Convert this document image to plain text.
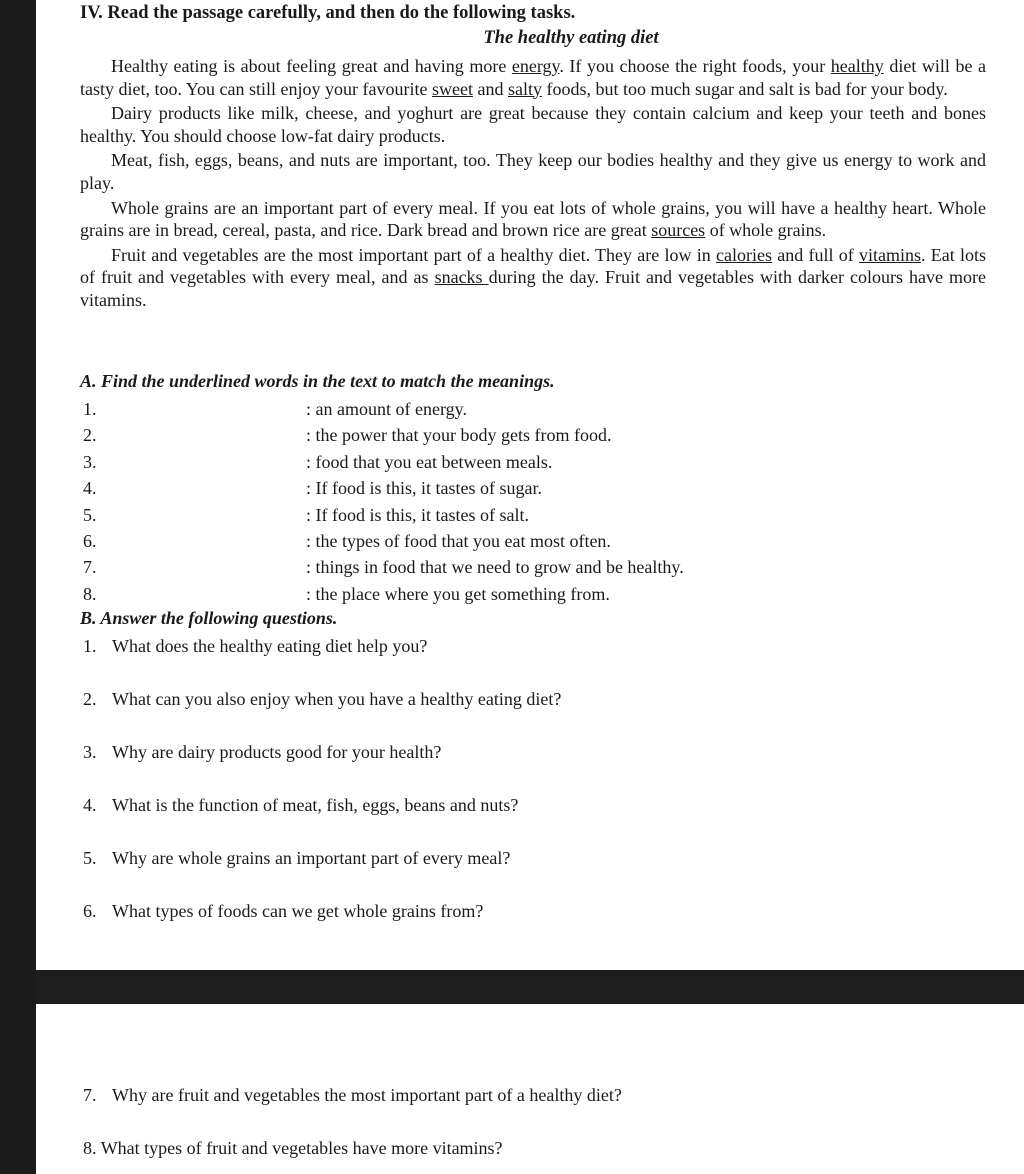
IV. Read the passage carefully, and then do the following tasks.
The healthy eating diet

Healthy eating is about feeling great and having more energy. If you choose the right foods, your healthy diet will be a tasty diet, too. You can still enjoy your favourite sweet and salty foods, but too much sugar and salt is bad for your body.

Dairy products like milk, cheese, and yoghurt are great because they contain calcium and keep your teeth and bones healthy. You should choose low-fat dairy products.

Meat, fish, eggs, beans, and nuts are important, too. They keep our bodies healthy and they give us energy to work and play.

Whole grains are an important part of every meal. If you eat lots of whole grains, you will have a healthy heart. Whole grains are in bread, cereal, pasta, and rice. Dark bread and brown rice are great sources of whole grains.

Fruit and vegetables are the most important part of a healthy diet. They are low in calories and full of vitamins. Eat lots of fruit and vegetables with every meal, and as snacks during the day. Fruit and vegetables with darker colours have more vitamins.

A. Find the underlined words in the text to match the meanings.
1.	: an amount of energy.
2.	: the power that your body gets from food.
3.	: food that you eat between meals.
4.	: If food is this, it tastes of sugar.
5.	: If food is this, it tastes of salt.
6.	: the types of food that you eat most often.
7.	: things in food that we need to grow and be healthy.
8.	: the place where you get something from.
B. Answer the following questions.
1. What does the healthy eating diet help you?
2. What can you also enjoy when you have a healthy eating diet?
3. Why are dairy products good for your health?
4. What is the function of meat, fish, eggs, beans and nuts?
5. Why are whole grains an important part of every meal?
6. What types of foods can we get whole grains from?
7. Why are fruit and vegetables the most important part of a healthy diet?
8. What types of fruit and vegetables have more vitamins?
